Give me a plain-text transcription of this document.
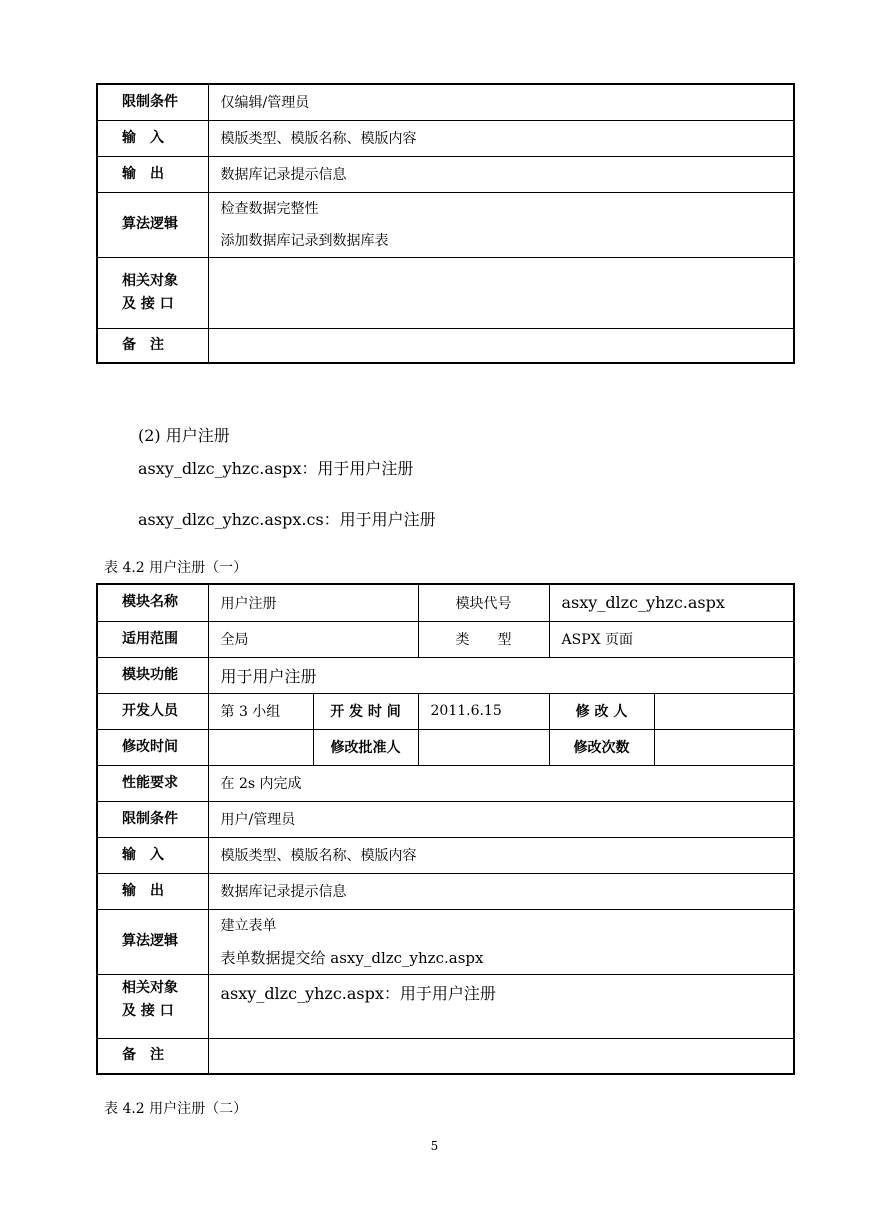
限制条件	仅编辑/管理员

输　入	模版类型、模版名称、模版内容

输　出	数据库记录提示信息

算法逻辑	检查数据完整性
添加数据库记录到数据库表

相关对象
及 接 口	

备　注	

(2) 用户注册
asxy_dlzc_yhzc.aspx：用于用户注册
asxy_dlzc_yhzc.aspx.cs：用于用户注册
表 4.2 用户注册（一）
模块名称	用户注册		模块代号	asxy_dlzc_yhzc.aspx	

适用范围	全局		类　　型	ASPX 页面	

模块功能	用于用户注册				

开发人员	第 3 小组	开 发 时 间	2011.6.15	修 改 人	

修改时间		修改批准人		修改次数	

性能要求	在 2s 内完成				

限制条件	用户/管理员				

输　入	模版类型、模版名称、模版内容				

输　出	数据库记录提示信息				

算法逻辑	建立表单
表单数据提交给 asxy_dlzc_yhzc.aspx				

相关对象
及 接 口	asxy_dlzc_yhzc.aspx：用于用户注册				

备　注					

表 4.2 用户注册（二）
5
